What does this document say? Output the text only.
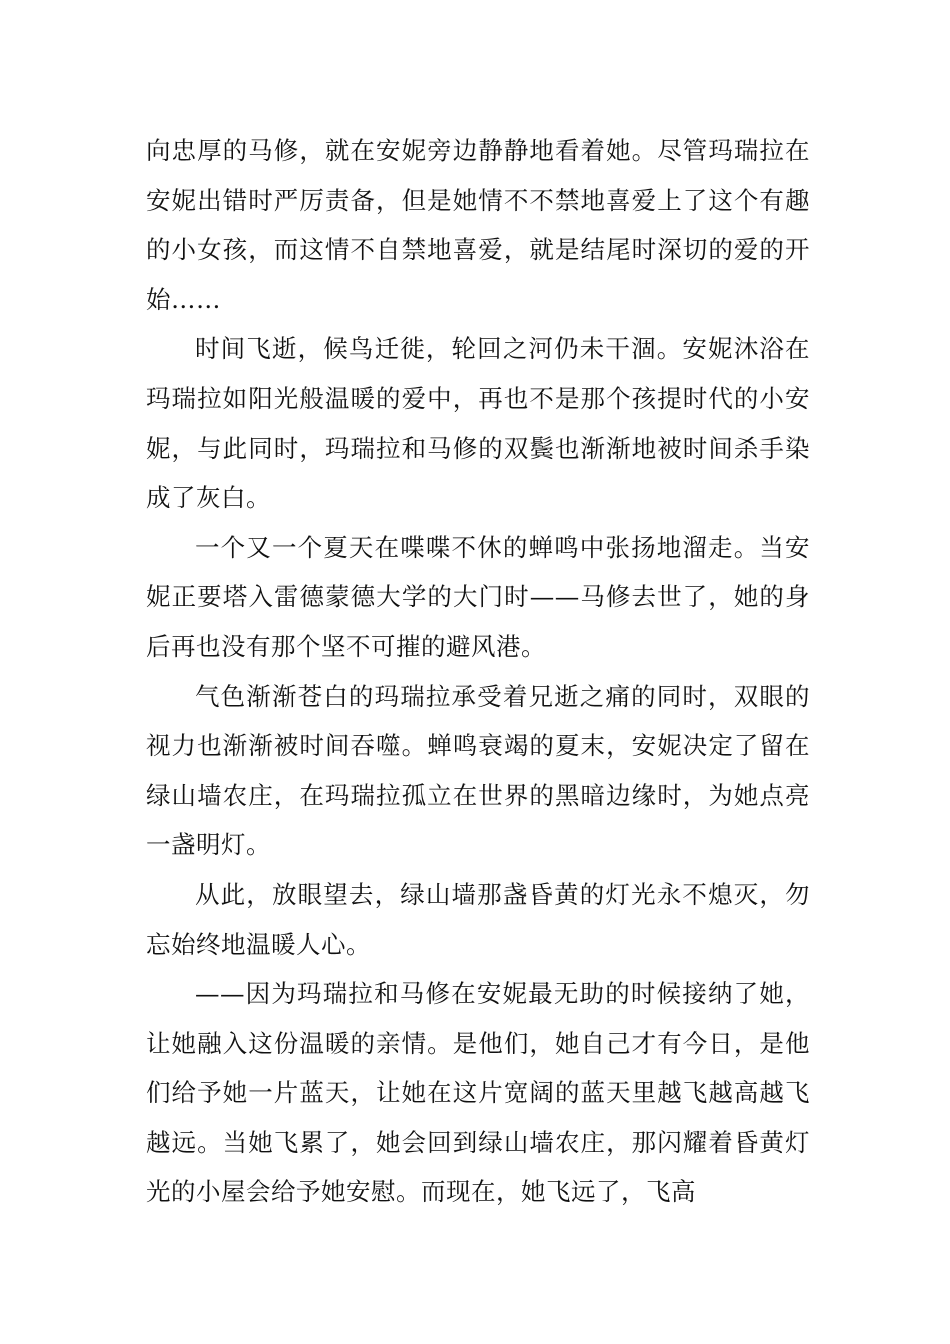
向忠厚的马修，就在安妮旁边静静地看着她。尽管玛瑞拉在安妮出错时严厉责备，但是她情不不禁地喜爱上了这个有趣的小女孩，而这情不自禁地喜爱，就是结尾时深切的爱的开始……

时间飞逝，候鸟迁徙，轮回之河仍未干涸。安妮沐浴在玛瑞拉如阳光般温暖的爱中，再也不是那个孩提时代的小安妮，与此同时，玛瑞拉和马修的双鬓也渐渐地被时间杀手染成了灰白。

一个又一个夏天在喋喋不休的蝉鸣中张扬地溜走。当安妮正要塔入雷德蒙德大学的大门时——马修去世了，她的身后再也没有那个坚不可摧的避风港。

气色渐渐苍白的玛瑞拉承受着兄逝之痛的同时，双眼的视力也渐渐被时间吞噬。蝉鸣衰竭的夏末，安妮决定了留在绿山墙农庄，在玛瑞拉孤立在世界的黑暗边缘时，为她点亮一盏明灯。

从此，放眼望去，绿山墙那盏昏黄的灯光永不熄灭，勿忘始终地温暖人心。

——因为玛瑞拉和马修在安妮最无助的时候接纳了她，让她融入这份温暖的亲情。是他们，她自己才有今日，是他们给予她一片蓝天，让她在这片宽阔的蓝天里越飞越高越飞越远。当她飞累了，她会回到绿山墙农庄，那闪耀着昏黄灯光的小屋会给予她安慰。而现在，她飞远了，飞高
